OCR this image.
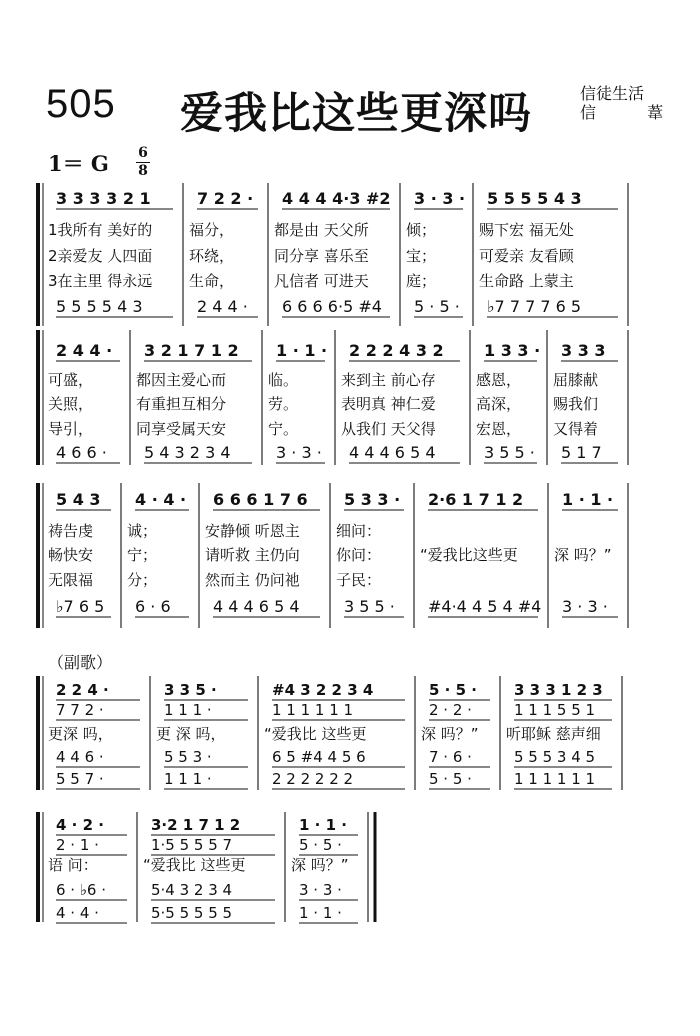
505 爱我比这些更深吗	信徒生活
信 葦
1＝ G 6
8
（副歌）
3 3 3 3 2 1
5 5 5 5 4 3
1我所有 美好的
2亲爱友 人四面
3在主里 得永远
7 2 2 ·
2 4 4 ·
福分，
环绕，
生命，
4 4 4 4·3 #2
6 6 6 6·5 #4
都是由 天父所
同分享 喜乐至
凡信者 可进天
3 · 3 ·
5 · 5 ·
倾；
宝；
庭；
5 5 5 5 4 3
♭7 7 7 7 6 5
赐下宏 福无处
可爱亲 友看顾
生命路 上蒙主
2 4 4 ·
4 6 6 ·
可盛，
关照，
导引，
3 2 1 7 1 2
5 4 3 2 3 4
都因主爱心而
有重担互相分
同享受属天安
1 · 1 ·
3 · 3 ·
临。
劳。
宁。
2 2 2 4 3 2
4 4 4 6 5 4
来到主 前心存
表明真 神仁爱
从我们 天父得
1 3 3 ·
3 5 5 ·
感恩，
高深，
宏恩，
3 3 3
5 1 7
屈膝献
赐我们
又得着
5 4 3
♭7 6 5
祷告虔
畅快安
无限福
4 · 4 ·
6 · 6
诚；
宁；
分；
6 6 6 1 7 6
4 4 4 6 5 4
安静倾 听恩主
请听救 主仍向
然而主 仍问祂
5 3 3 ·
3 5 5 ·
细问：
你问：
子民：
2·6 1 7 1 2
#4·4 4 5 4 #4
“爱我比这些更
1 · 1 ·
3 · 3 ·
深 吗？”
2 2 4 ·
7 7 2 ·
更深 吗，
4 4 6 ·
5 5 7 ·
3 3 5 ·
1 1 1 ·
更 深 吗，
5 5 3 ·
1 1 1 ·
#4 3 2 2 3 4
1 1 1 1 1 1
“爱我比 这些更
6 5 #4 4 5 6
2 2 2 2 2 2
5 · 5 ·
2 · 2 ·
深 吗？”
7 · 6 ·
5 · 5 ·
3 3 3 1 2 3
1 1 1 5 5 1
听耶稣 慈声细
5 5 5 3 4 5
1 1 1 1 1 1
4 · 2 ·
2 · 1 ·
语 问：
6 · ♭6 ·
4 · 4 ·
3·2 1 7 1 2
1·5 5 5 5 7
“爱我比 这些更
5·4 3 2 3 4
5·5 5 5 5 5
1 · 1 ·
5 · 5 ·
深 吗？”
3 · 3 ·
1 · 1 ·
